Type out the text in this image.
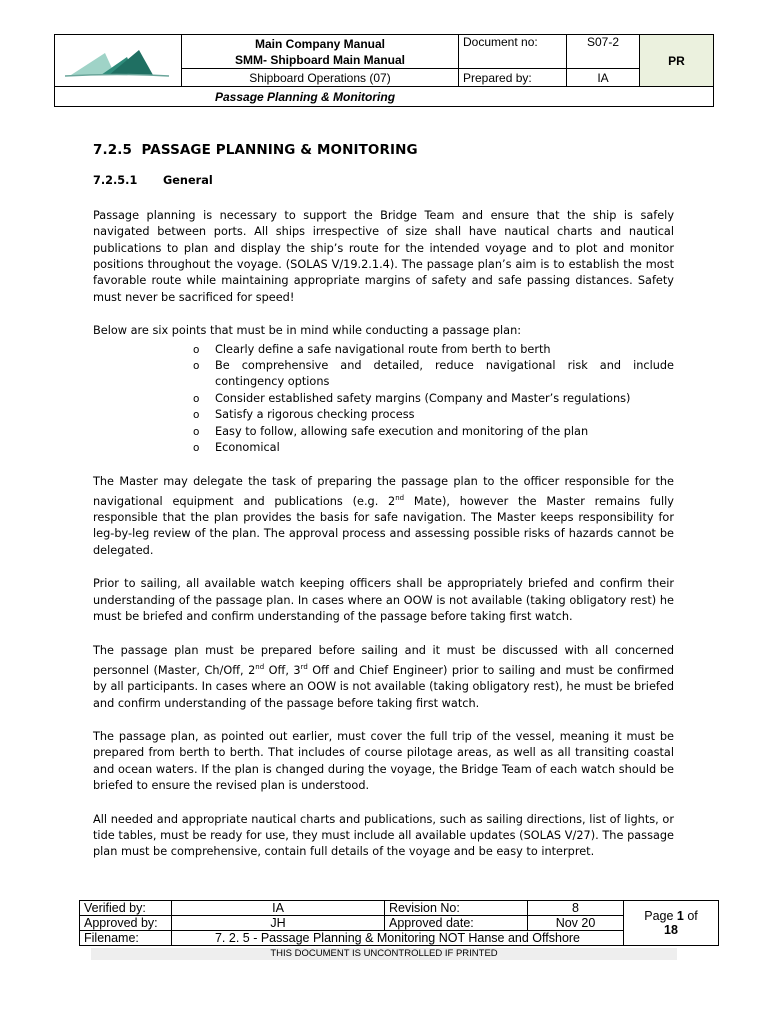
Main Company Manual
SMM- Shipboard Main Manual	Document no:	S07-2	PR
	Shipboard Operations (07)	Prepared by:	IA	
Passage Planning & Monitoring				
7.2.5 PASSAGE PLANNING & MONITORING
7.2.5.1 General

Passage planning is necessary to support the Bridge Team and ensure that the ship is safely navigated between ports. All ships irrespective of size shall have nautical charts and nautical publications to plan and display the ship’s route for the intended voyage and to plot and monitor positions throughout the voyage. (SOLAS V/19.2.1.4). The passage plan’s aim is to establish the most favorable route while maintaining appropriate margins of safety and safe passing distances. Safety must never be sacrificed for speed!

Below are six points that must be in mind while conducting a passage plan:

o Clearly define a safe navigational route from berth to berth
o Be comprehensive and detailed, reduce navigational risk and include contingency options
o Consider established safety margins (Company and Master’s regulations)
o Satisfy a rigorous checking process
o Easy to follow, allowing safe execution and monitoring of the plan
o Economical

The Master may delegate the task of preparing the passage plan to the officer responsible for the navigational equipment and publications (e.g. 2nd Mate), however the Master remains fully responsible that the plan provides the basis for safe navigation. The Master keeps responsibility for leg-by-leg review of the plan. The approval process and assessing possible risks of hazards cannot be delegated.

Prior to sailing, all available watch keeping officers shall be appropriately briefed and confirm their understanding of the passage plan. In cases where an OOW is not available (taking obligatory rest) he must be briefed and confirm understanding of the passage before taking first watch.

The passage plan must be prepared before sailing and it must be discussed with all concerned personnel (Master, Ch/Off, 2nd Off, 3rd Off and Chief Engineer) prior to sailing and must be confirmed by all participants. In cases where an OOW is not available (taking obligatory rest), he must be briefed and confirm understanding of the passage before taking first watch.

The passage plan, as pointed out earlier, must cover the full trip of the vessel, meaning it must be prepared from berth to berth. That includes of course pilotage areas, as well as all transiting coastal and ocean waters. If the plan is changed during the voyage, the Bridge Team of each watch should be briefed to ensure the revised plan is understood.

All needed and appropriate nautical charts and publications, such as sailing directions, list of lights, or tide tables, must be ready for use, they must include all available updates (SOLAS V/27). The passage plan must be comprehensive, contain full details of the voyage and be easy to interpret.

Verified by:	IA	Revision No:	8	Page 1 of
18
Approved by:	JH	Approved date:	Nov 20	
Filename:	7. 2. 5 - Passage Planning & Monitoring NOT Hanse and Offshore			
THIS DOCUMENT IS UNCONTROLLED IF PRINTED
